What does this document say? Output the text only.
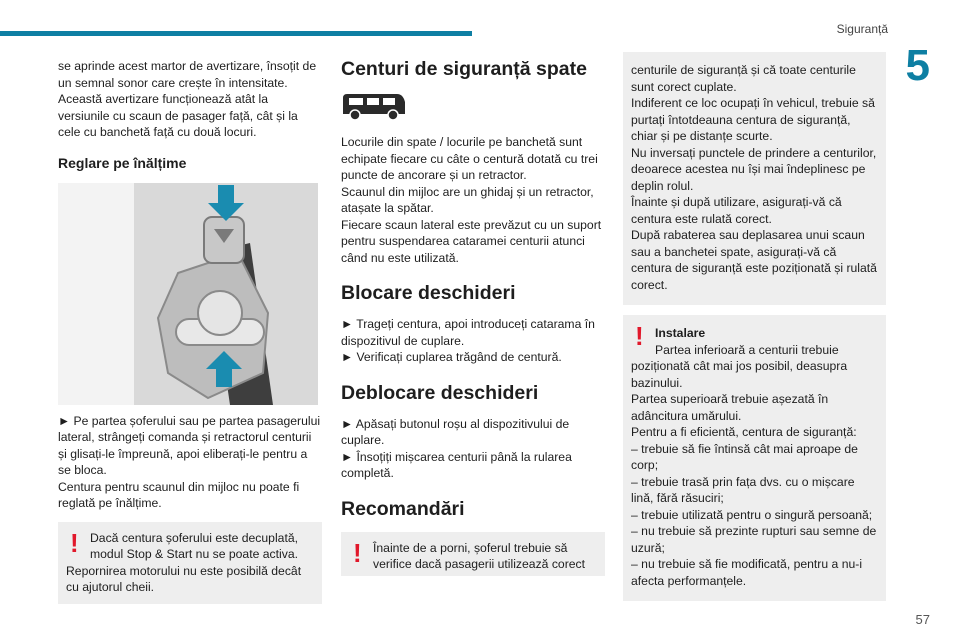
Siguranță
5
57

se aprinde acest martor de avertizare, însoțit de un semnal sonor care crește în intensitate.
Această avertizare funcționează atât la versiunile cu scaun de pasager față, cât și la cele cu banchetă față cu două locuri.

Reglare pe înălțime

► Pe partea șoferului sau pe partea pasagerului lateral, strângeți comanda și retractorul centurii și glisați-le împreună, apoi eliberați-le pentru a se bloca.

Centura pentru scaunul din mijloc nu poate fi reglată pe înălțime.

! Dacă centura șoferului este decuplată, modul Stop & Start nu se poate activa.

Repornirea motorului nu este posibilă decât cu ajutorul cheii.

Centuri de siguranță spate

Locurile din spate / locurile pe banchetă sunt echipate fiecare cu câte o centură dotată cu trei puncte de ancorare și un retractor.
Scaunul din mijloc are un ghidaj și un retractor, atașate la spătar.
Fiecare scaun lateral este prevăzut cu un suport pentru suspendarea cataramei centurii atunci când nu este utilizată.

Blocare deschideri

► Trageți centura, apoi introduceți catarama în dispozitivul de cuplare.

► Verificați cuplarea trăgând de centură.

Deblocare deschideri

► Apăsați butonul roșu al dispozitivului de cuplare.

► Însoțiți mișcarea centurii până la rularea completă.

Recomandări
! Înainte de a porni, șoferul trebuie să verifice dacă pasagerii utilizează corect

centurile de siguranță și că toate centurile sunt corect cuplate.
Indiferent ce loc ocupați în vehicul, trebuie să purtați întotdeauna centura de siguranță, chiar și pe distanțe scurte.
Nu inversați punctele de prindere a centurilor, deoarece acestea nu își mai îndeplinesc pe deplin rolul.
Înainte și după utilizare, asigurați-vă că centura este rulată corect.
După rabaterea sau deplasarea unui scaun sau a banchetei spate, asigurați-vă că centura de siguranță este poziționată și rulată corect.

! Instalare

Partea inferioară a centurii trebuie

poziționată cât mai jos posibil, deasupra bazinului.
Partea superioară trebuie așezată în adâncitura umărului.
Pentru a fi eficientă, centura de siguranță:
– trebuie să fie întinsă cât mai aproape de corp;
– trebuie trasă prin fața dvs. cu o mișcare lină, fără răsuciri;
– trebuie utilizată pentru o singură persoană;
– nu trebuie să prezinte rupturi sau semne de uzură;
– nu trebuie să fie modificată, pentru a nu-i afecta performanțele.
